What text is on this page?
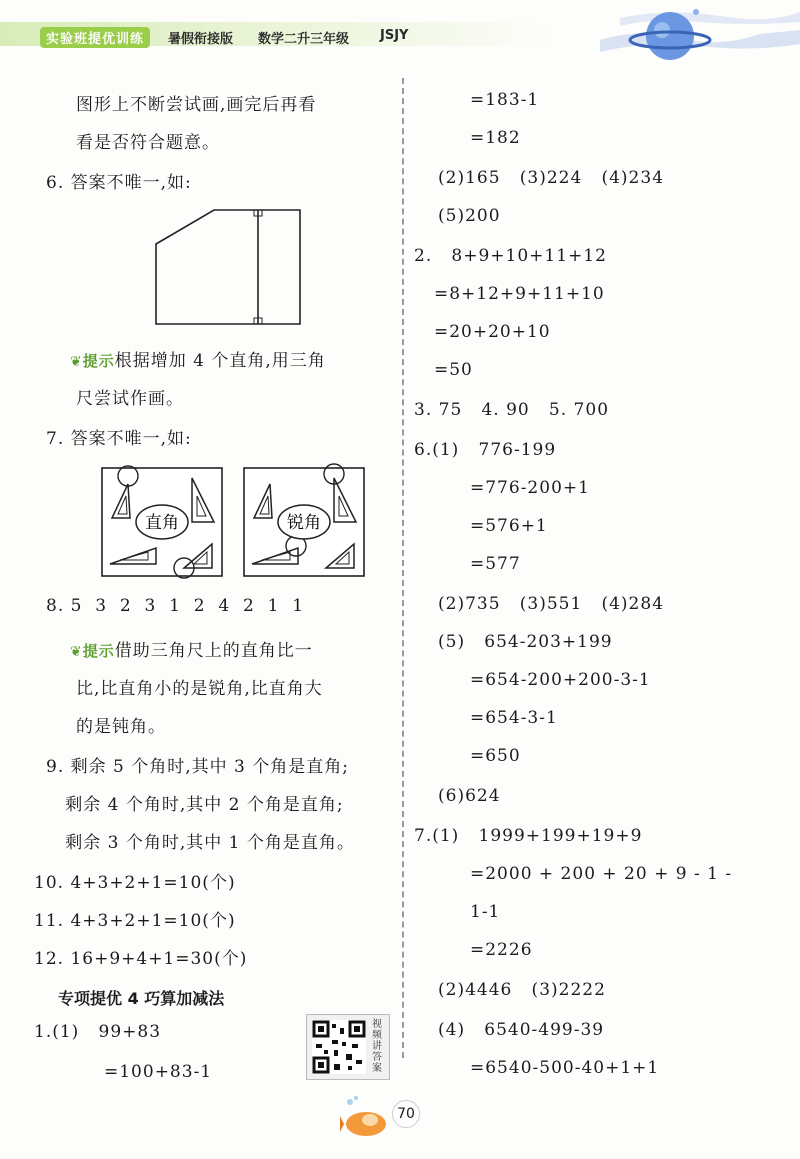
实验班提优训练	暑假衔接版 数学二升三年级 JSJY
图形上不断尝试画,画完后再看
看是否符合题意。
6. 答案不唯一,如:
❦提示根据增加 4 个直角,用三角
尺尝试作画。
7. 答案不唯一,如:
直角	锐角
8. 5  3  2  3  1  2  4  2  1  1
❦提示借助三角尺上的直角比一
比,比直角小的是锐角,比直角大
的是钝角。
9. 剩余 5 个角时,其中 3 个角是直角;
剩余 4 个角时,其中 2 个角是直角;
剩余 3 个角时,其中 1 个角是直角。
10. 4+3+2+1=10(个)
11. 4+3+2+1=10(个)
12. 16+9+4+1=30(个)
专项提优 4 巧算加减法
1.(1)   99+83
=100+83-1
视频讲答案
=183-1
=182
(2)165   (3)224   (4)234
(5)200
2.   8+9+10+11+12
=8+12+9+11+10
=20+20+10
=50
3. 75   4. 90   5. 700
6.(1)   776-199
=776-200+1
=576+1
=577
(2)735   (3)551   (4)284
(5)   654-203+199
=654-200+200-3-1
=654-3-1
=650
(6)624
7.(1)   1999+199+19+9
=2000 + 200 + 20 + 9 - 1 -
1-1
=2226
(2)4446   (3)2222
(4)   6540-499-39
=6540-500-40+1+1
70
